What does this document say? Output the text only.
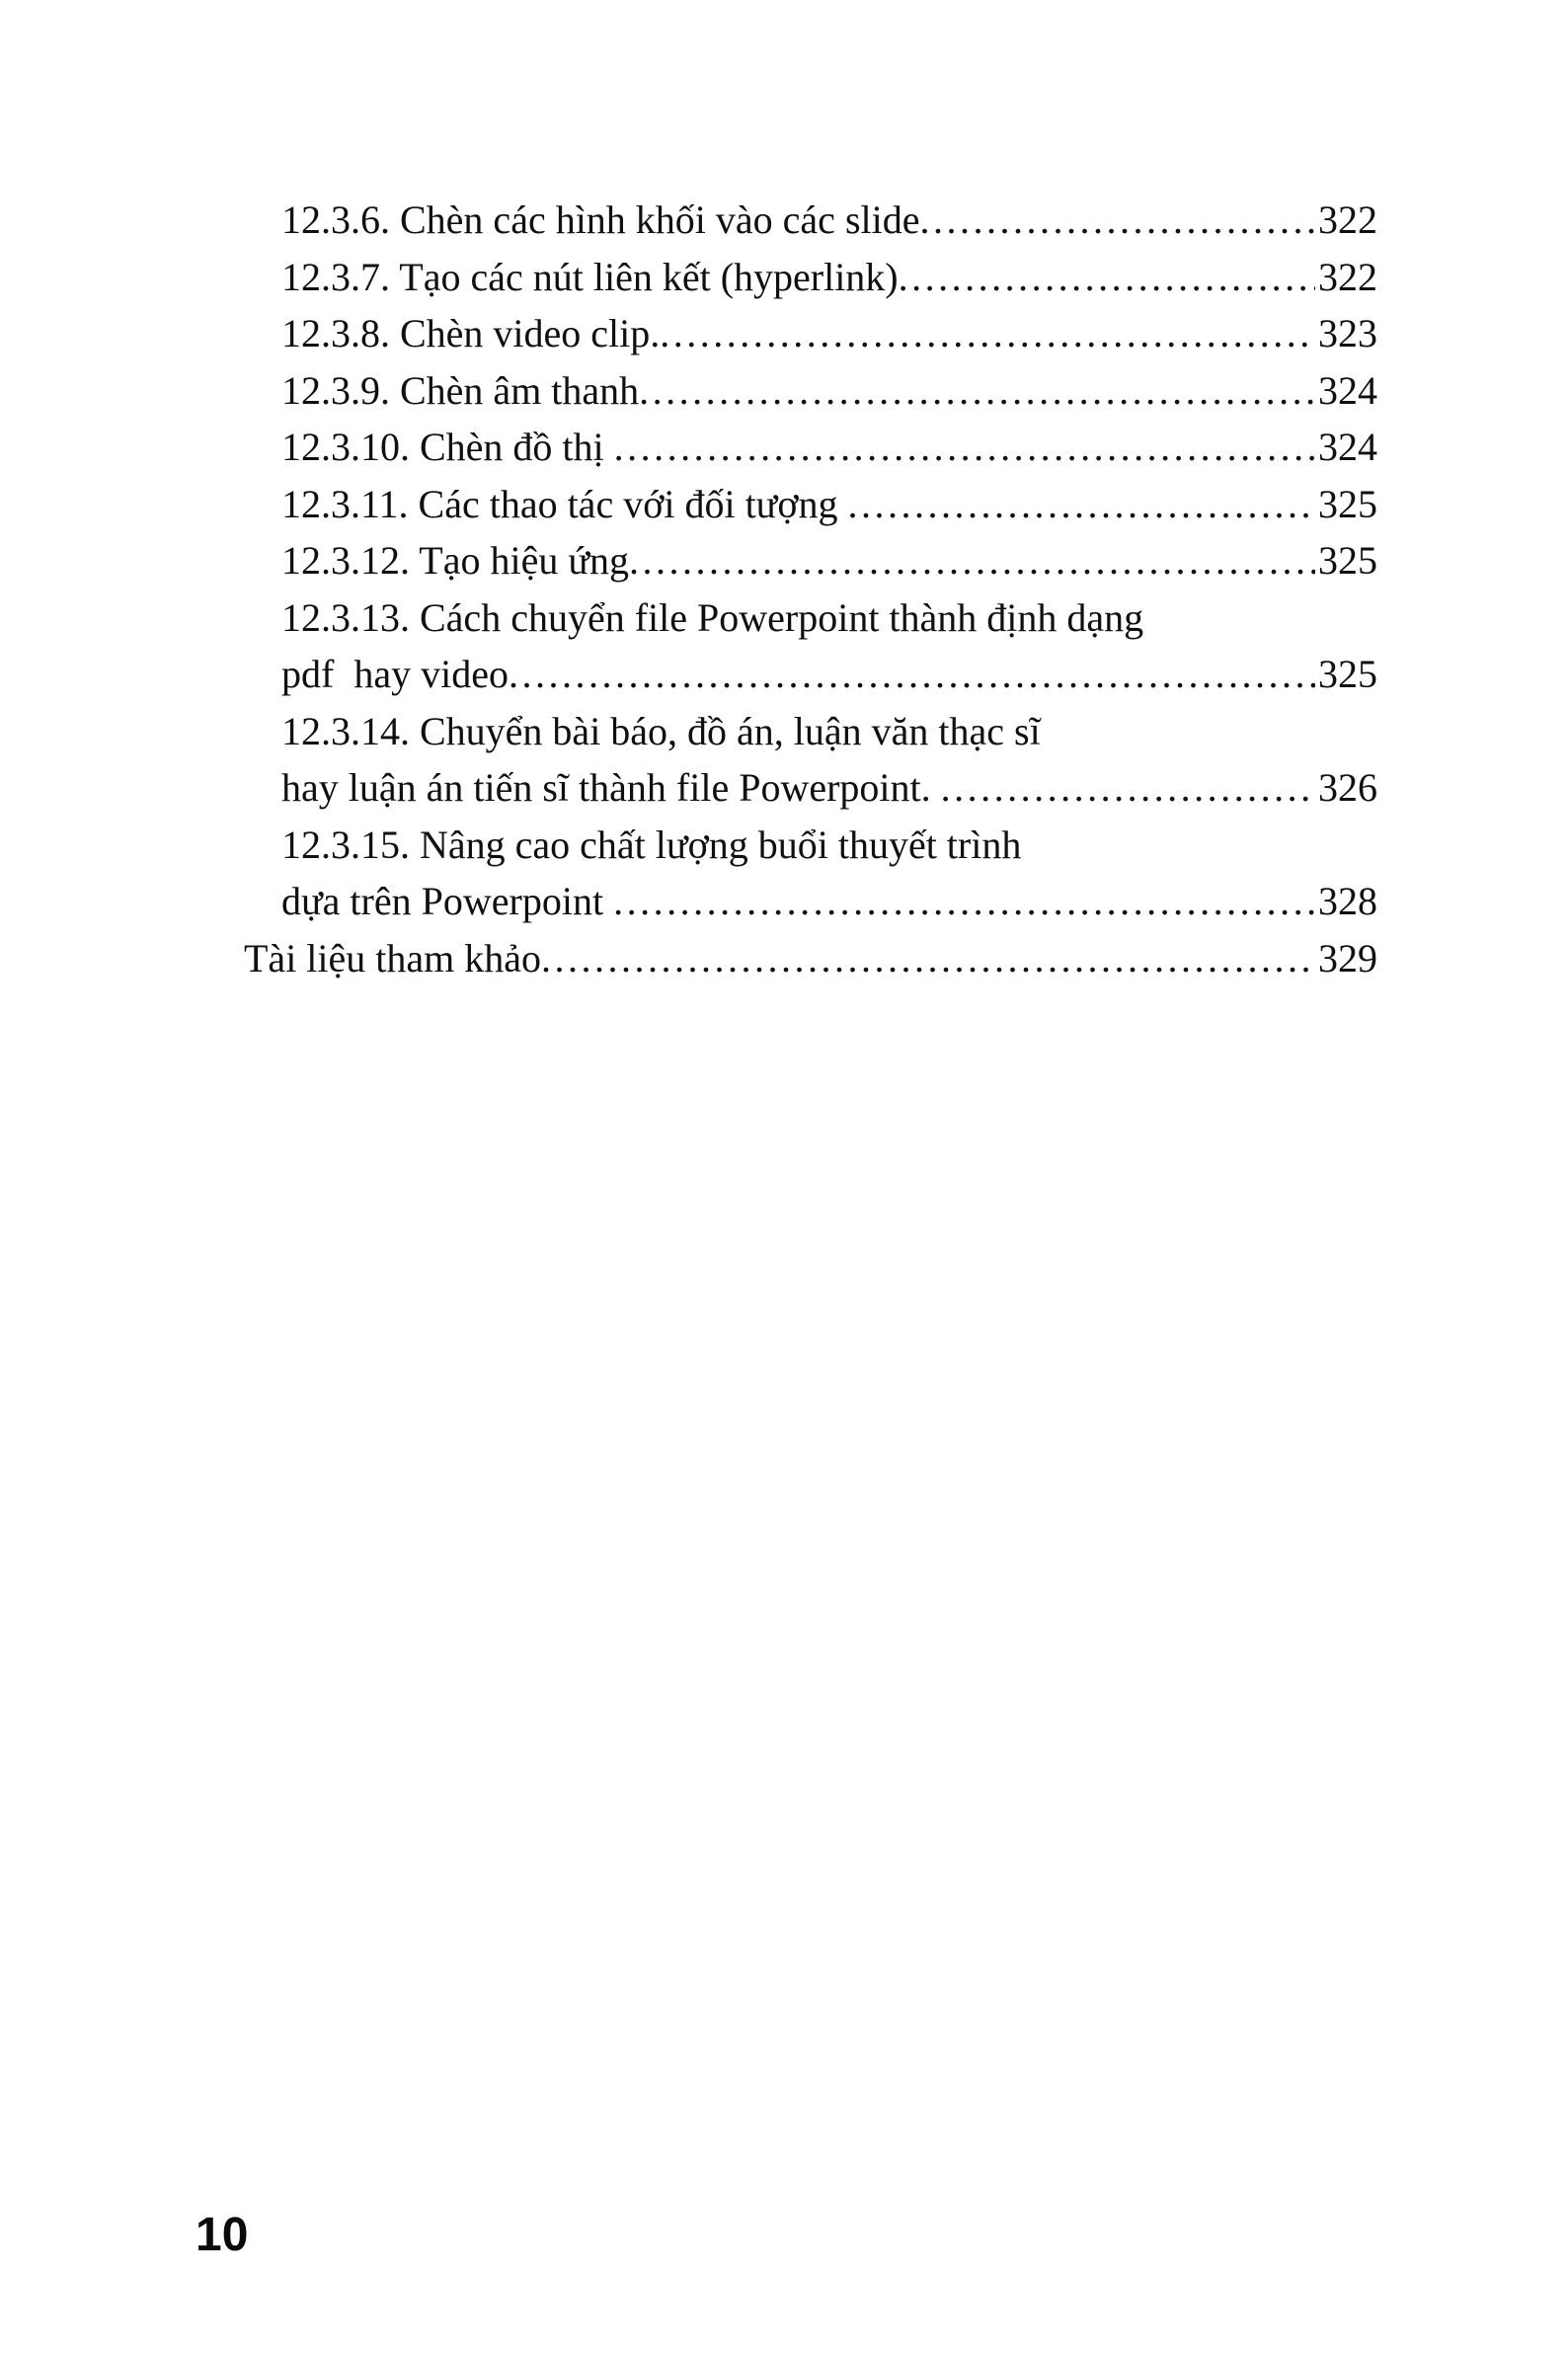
12.3.6. Chèn các hình khối vào các slide .....	322
12.3.7. Tạo các nút liên kết (hyperlink) .....	322
12.3.8. Chèn video clip. .....	323
12.3.9. Chèn âm thanh .....	324
12.3.10. Chèn đồ thị .....	324
12.3.11. Các thao tác với đối tượng .....	325
12.3.12. Tạo hiệu ứng .....	325
12.3.13. Cách chuyển file Powerpoint thành định dạng
pdf  hay video .....	325
12.3.14. Chuyển bài báo, đồ án, luận văn thạc sĩ
hay luận án tiến sĩ thành file Powerpoint. .....	326
12.3.15. Nâng cao chất lượng buổi thuyết trình
dựa trên Powerpoint .....	328
Tài liệu tham khảo .....	329
10
